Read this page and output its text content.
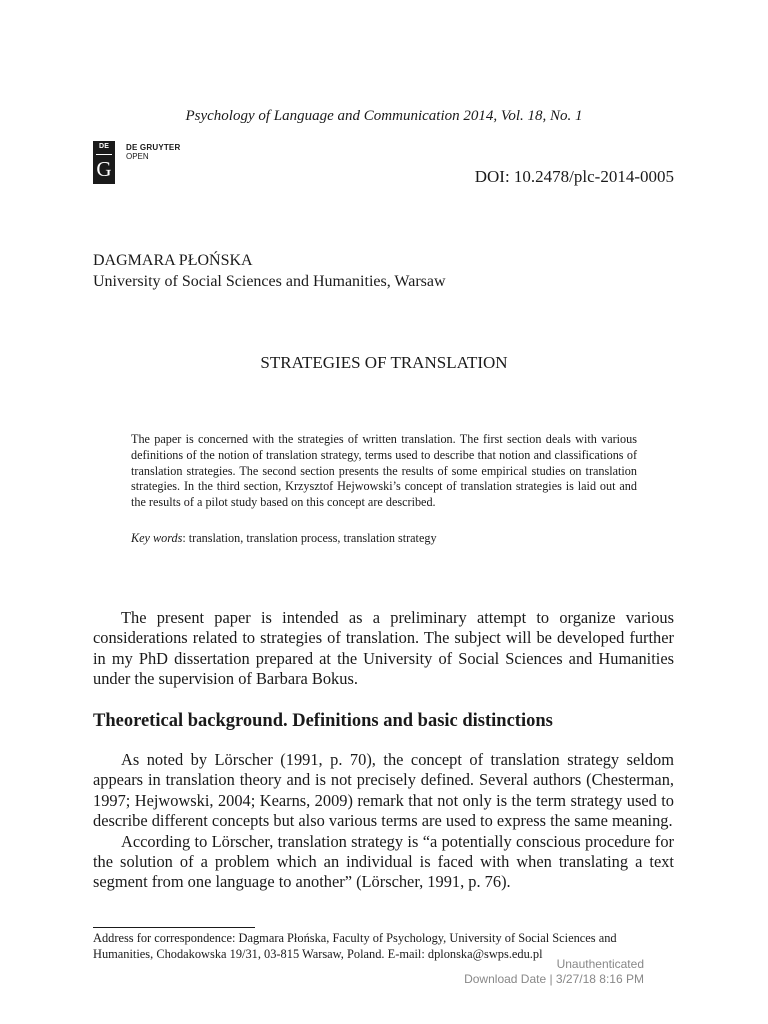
Psychology of Language and Communication 2014, Vol. 18, No. 1
DE
G
DE GRUYTER
OPEN
DOI: 10.2478/plc-2014-0005
DAGMARA PŁOŃSKA
University of Social Sciences and Humanities, Warsaw
STRATEGIES OF TRANSLATION
The paper is concerned with the strategies of written translation. The first section deals with various definitions of the notion of translation strategy, terms used to describe that notion and classifications of translation strategies. The second section presents the results of some empirical studies on translation strategies. In the third section, Krzysztof Hejwowski’s concept of translation strategies is laid out and the results of a pilot study based on this concept are described.
Key words: translation, translation process, translation strategy

The present paper is intended as a preliminary attempt to organize various considerations related to strategies of translation. The subject will be developed further in my PhD dissertation prepared at the University of Social Sciences and Humanities under the supervision of Barbara Bokus.

Theoretical background. Definitions and basic distinctions

As noted by Lörscher (1991, p. 70), the concept of translation strategy seldom appears in translation theory and is not precisely defined. Several authors (Chesterman, 1997; Hejwowski, 2004; Kearns, 2009) remark that not only is the term strategy used to describe different concepts but also various terms are used to express the same meaning.

According to Lörscher, translation strategy is “a potentially conscious procedure for the solution of a problem which an individual is faced with when translating a text segment from one language to another” (Lörscher, 1991, p. 76).

Address for correspondence: Dagmara Płońska, Faculty of Psychology, University of Social Sciences and Humanities, Chodakowska 19/31, 03-815 Warsaw, Poland. E-mail: dplonska@swps.edu.pl
Unauthenticated
Download Date | 3/27/18 8:16 PM
